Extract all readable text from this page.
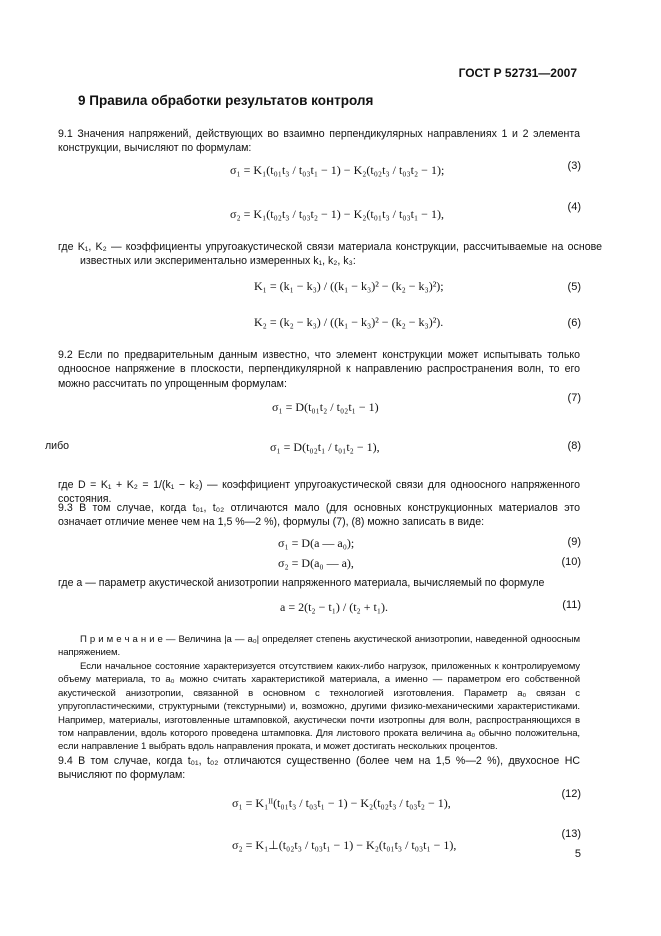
ГОСТ Р 52731—2007
9 Правила обработки результатов контроля
9.1 Значения напряжений, действующих во взаимно перпендикулярных направлениях 1 и 2 элемента конструкции, вычисляют по формулам:
σ₁ = K₁(t₀₁t₃ / t₀₃t₁ − 1) − K₂(t₀₂t₃ / t₀₃t₂ − 1);	(3)
σ₂ = K₁(t₀₂t₃ / t₀₃t₂ − 1) − K₂(t₀₁t₃ / t₀₃t₁ − 1),	(4)
где K₁, K₂ — коэффициенты упругоакустической связи материала конструкции, рассчитываемые на основе известных или экспериментально измеренных k₁, k₂, k₃:
K₁ = (k₁ − k₃) / ((k₁ − k₃)² − (k₂ − k₃)²);	(5)
K₂ = (k₂ − k₃) / ((k₁ − k₃)² − (k₂ − k₃)²).	(6)
9.2 Если по предварительным данным известно, что элемент конструкции может испытывать только одноосное напряжение в плоскости, перпендикулярной к направлению распространения волн, то его можно рассчитать по упрощенным формулам:
σ₁ = D(t₀₁t₂ / t₀₂t₁ − 1)
(7)
либо	σ₁ = D(t₀₂t₁ / t₀₁t₂ − 1),	(8)
где D = K₁ + K₂ = 1/(k₁ − k₂) — коэффициент упругоакустической связи для одноосного напряженного состояния.
9.3 В том случае, когда t₀₁, t₀₂ отличаются мало (для основных конструкционных материалов это означает отличие менее чем на 1,5 %—2 %), формулы (7), (8) можно записать в виде:
σ₁ = D(a — a₀);	(9)
σ₂ = D(a₀ — a),	(10)
где a — параметр акустической анизотропии напряженного материала, вычисляемый по формуле
a = 2(t₂ − t₁) / (t₂ + t₁).	(11)
П р и м е ч а н и е — Величина |a — a₀| определяет степень акустической анизотропии, наведенной одноосным напряжением.
Если начальное состояние характеризуется отсутствием каких-либо нагрузок, приложенных к контролируемому объему материала, то a₀ можно считать характеристикой материала, а именно — параметром его собственной акустической анизотропии, связанной в основном с технологией изготовления. Параметр a₀ связан с упругопластическими, структурными (текстурными) и, возможно, другими физико-механическими характеристиками. Например, материалы, изготовленные штамповкой, акустически почти изотропны для волн, распространяющихся в том направлении, вдоль которого проведена штамповка. Для листового проката величина a₀ обычно положительна, если направление 1 выбрать вдоль направления проката, и может достигать нескольких процентов.
9.4 В том случае, когда t₀₁, t₀₂ отличаются существенно (более чем на 1,5 %—2 %), двухосное НС вычисляют по формулам:
σ₁ = K₁ᴵᴵ(t₀₁t₃ / t₀₃t₁ − 1) − K₂(t₀₂t₃ / t₀₃t₂ − 1),
(12)
σ₂ = K₁⊥(t₀₂t₃ / t₀₃t₁ − 1) − K₂(t₀₁t₃ / t₀₃t₁ − 1),
(13)
5
